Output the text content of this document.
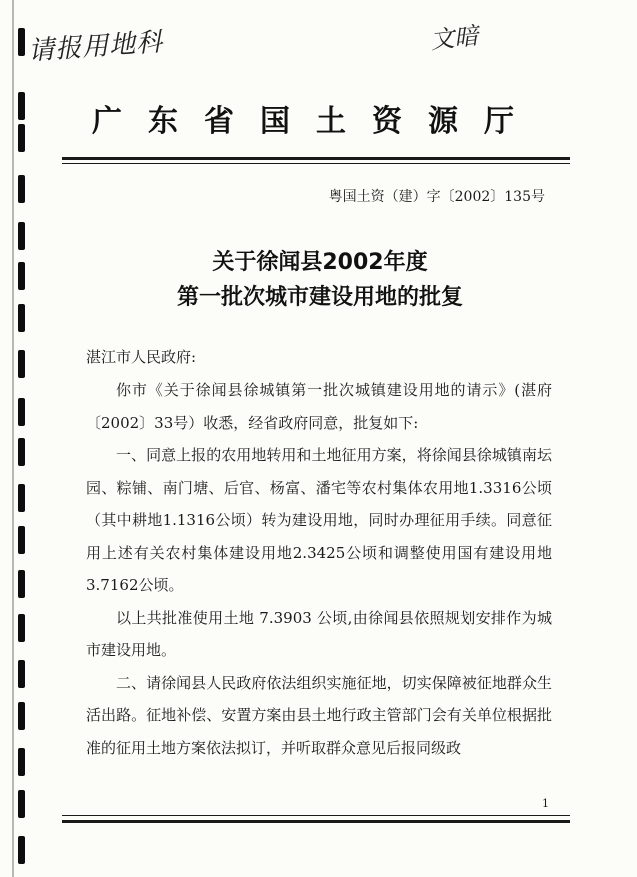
请报用地科	文暗
广东省国土资源厅
粤国土资（建）字〔2002〕135号
关于徐闻县2002年度
第一批次城市建设用地的批复
湛江市人民政府:

你市《关于徐闻县徐城镇第一批次城镇建设用地的请示》(湛府〔2002〕33号）收悉，经省政府同意，批复如下:

一、同意上报的农用地转用和土地征用方案，将徐闻县徐城镇南坛园、粽铺、南门塘、后官、杨富、潘宅等农村集体农用地1.3316公顷（其中耕地1.1316公顷）转为建设用地，同时办理征用手续。同意征用上述有关农村集体建设用地2.3425公顷和调整使用国有建设用地3.7162公顷。

以上共批准使用土地 7.3903 公顷,由徐闻县依照规划安排作为城市建设用地。

二、请徐闻县人民政府依法组织实施征地，切实保障被征地群众生活出路。征地补偿、安置方案由县土地行政主管部门会有关单位根据批准的征用土地方案依法拟订，并听取群众意见后报同级政

1
